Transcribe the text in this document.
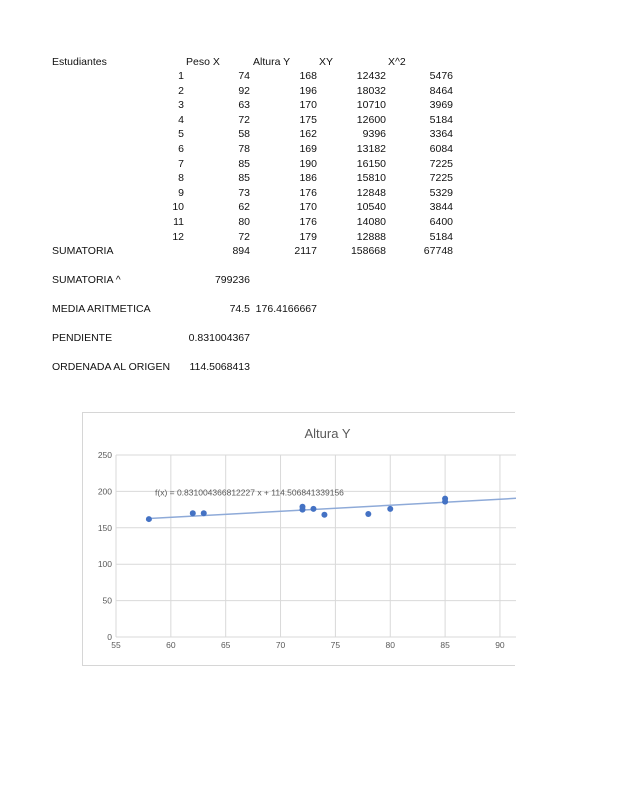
Estudiantes	Peso X	Altura Y	XY	X^2
1	74	168	12432	5476
2	92	196	18032	8464
3	63	170	10710	3969
4	72	175	12600	5184
5	58	162	9396	3364
6	78	169	13182	6084
7	85	190	16150	7225
8	85	186	15810	7225
9	73	176	12848	5329
10	62	170	10540	3844
11	80	176	14080	6400
12	72	179	12888	5184
SUMATORIA	894	2117	158668	67748
SUMATORIA ^	799236
MEDIA ARITMETICA	74.5 176.4166667
PENDIENTE	0.831004367
ORDENADA AL ORIGEN	114.5068413
Altura Y
0
50
100
150
200
250
55	60	65	70	75	80	85	90
f(x) = 0.831004366812227 x + 114.506841339156
